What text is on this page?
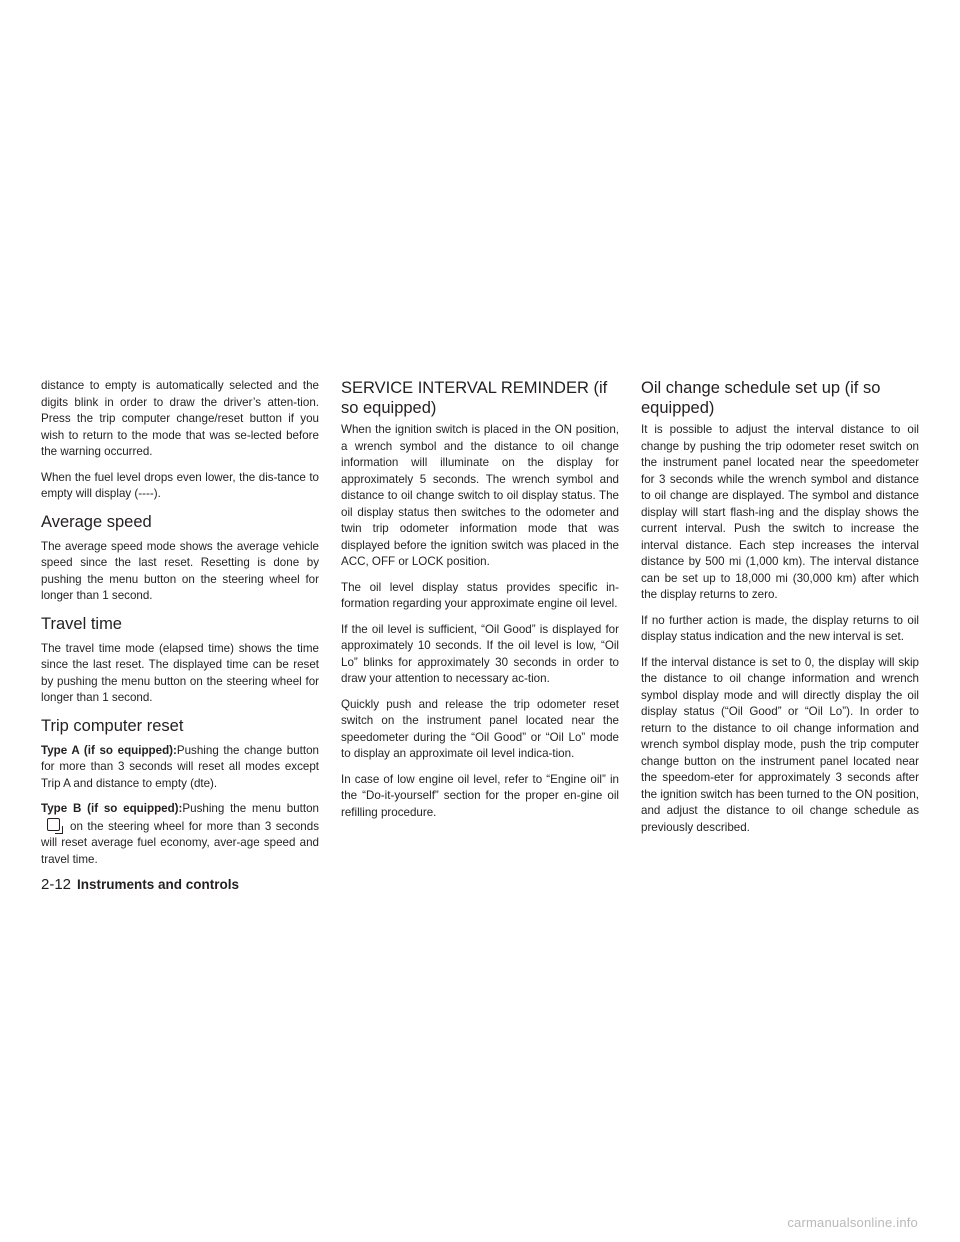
distance to empty is automatically selected and the digits blink in order to draw the driver’s atten-tion. Press the trip computer change/reset button if you wish to return to the mode that was se-lected before the warning occurred.

When the fuel level drops even lower, the dis-tance to empty will display (----).

Average speed

The average speed mode shows the average vehicle speed since the last reset. Resetting is done by pushing the menu button on the steering wheel for longer than 1 second.

Travel time

The travel time mode (elapsed time) shows the time since the last reset. The displayed time can be reset by pushing the menu button on the steering wheel for longer than 1 second.

Trip computer reset

Type A (if so equipped):Pushing the change button for more than 3 seconds will reset all modes except Trip A and distance to empty (dte).

Type B (if so equipped):Pushing the menu buttonon the steering wheel for more than 3 seconds will reset average fuel economy, aver-age speed and travel time.

SERVICE INTERVAL REMINDER (if so equipped)

When the ignition switch is placed in the ON position, a wrench symbol and the distance to oil change information will illuminate on the display for approximately 5 seconds. The wrench symbol and distance to oil change switch to oil display status. The oil display status then switches to the odometer and twin trip odometer information mode that was displayed before the ignition switch was placed in the ACC, OFF or LOCK position.

The oil level display status provides specific in-formation regarding your approximate engine oil level.

If the oil level is sufficient, “Oil Good” is displayed for approximately 10 seconds. If the oil level is low, “Oil Lo” blinks for approximately 30 seconds in order to draw your attention to necessary ac-tion.

Quickly push and release the trip odometer reset switch on the instrument panel located near the speedometer during the “Oil Good” or “Oil Lo” mode to display an approximate oil level indica-tion.

In case of low engine oil level, refer to “Engine oil” in the “Do-it-yourself” section for the proper en-gine oil refilling procedure.

Oil change schedule set up (if so equipped)

It is possible to adjust the interval distance to oil change by pushing the trip odometer reset switch on the instrument panel located near the speedometer for 3 seconds while the wrench symbol and distance to oil change are displayed. The symbol and distance display will start flash-ing and the display shows the current interval. Push the switch to increase the interval distance. Each step increases the interval distance by 500 mi (1,000 km). The interval distance can be set up to 18,000 mi (30,000 km) after which the display returns to zero.

If no further action is made, the display returns to oil display status indication and the new interval is set.

If the interval distance is set to 0, the display will skip the distance to oil change information and wrench symbol display mode and will directly display the oil display status (“Oil Good” or “Oil Lo”). In order to return to the distance to oil change information and wrench symbol display mode, push the trip computer change button on the instrument panel located near the speedom-eter for approximately 3 seconds after the ignition switch has been turned to the ON position, and adjust the distance to oil change schedule as previously described.

2-12 Instruments and controls
carmanualsonline.info
